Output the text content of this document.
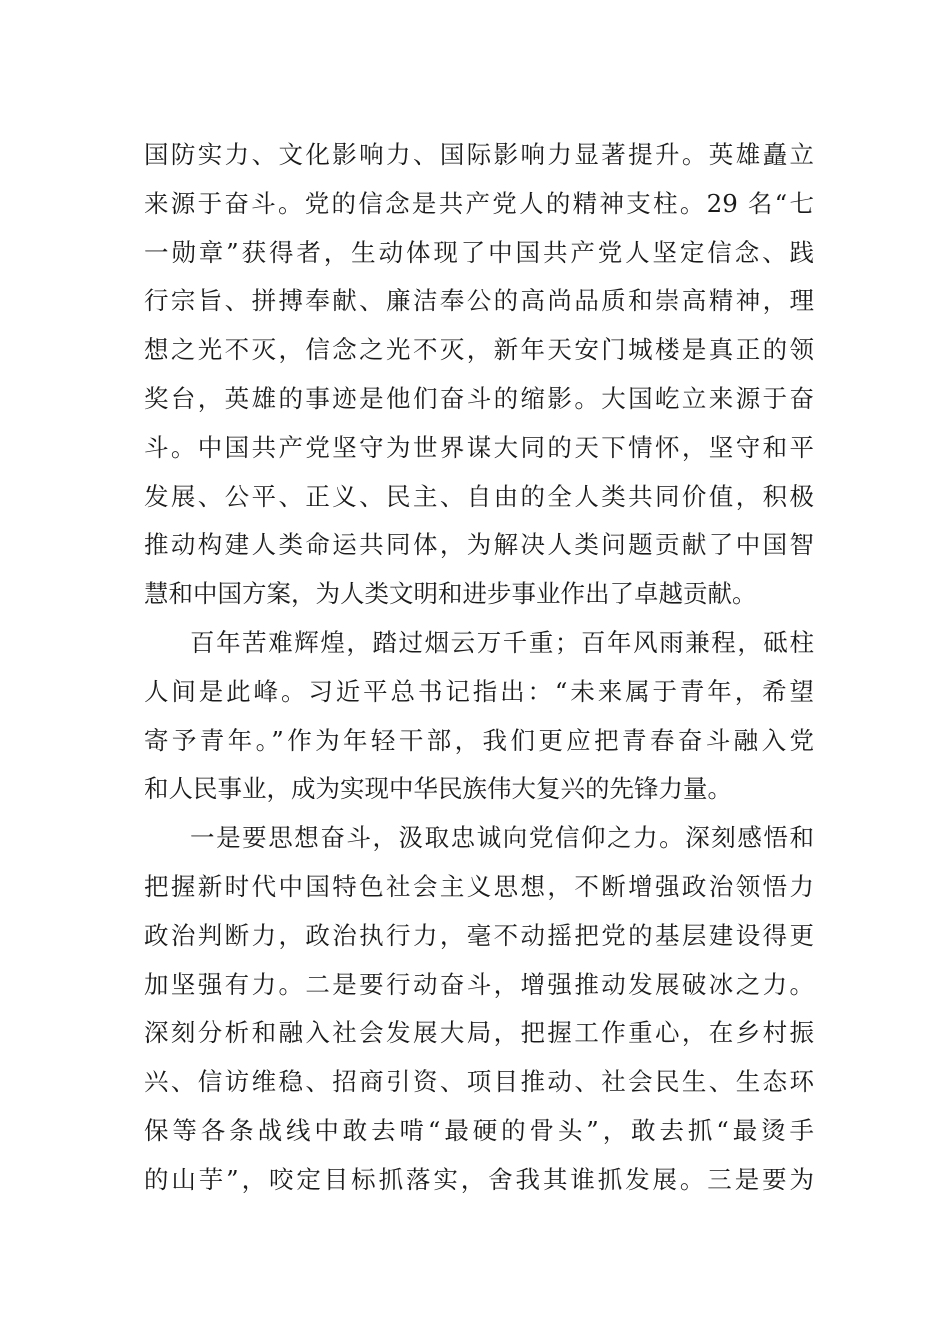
国防实力、文化影响力、国际影响力显著提升。英雄矗立
来源于奋斗。党的信念是共产党人的精神支柱。29 名“七
一勋章”获得者，生动体现了中国共产党人坚定信念、践
行宗旨、拼搏奉献、廉洁奉公的高尚品质和崇高精神，理
想之光不灭，信念之光不灭，新年天安门城楼是真正的领
奖台，英雄的事迹是他们奋斗的缩影。大国屹立来源于奋
斗。中国共产党坚守为世界谋大同的天下情怀，坚守和平
发展、公平、正义、民主、自由的全人类共同价值，积极
推动构建人类命运共同体，为解决人类问题贡献了中国智
慧和中国方案，为人类文明和进步事业作出了卓越贡献。
百年苦难辉煌，踏过烟云万千重；百年风雨兼程，砥柱
人间是此峰。习近平总书记指出：“未来属于青年，希望
寄予青年。”作为年轻干部，我们更应把青春奋斗融入党
和人民事业，成为实现中华民族伟大复兴的先锋力量。
一是要思想奋斗，汲取忠诚向党信仰之力。深刻感悟和
把握新时代中国特色社会主义思想，不断增强政治领悟力
政治判断力，政治执行力，毫不动摇把党的基层建设得更
加坚强有力。二是要行动奋斗，增强推动发展破冰之力。
深刻分析和融入社会发展大局，把握工作重心，在乡村振
兴、信访维稳、招商引资、项目推动、社会民生、生态环
保等各条战线中敢去啃“最硬的骨头”，敢去抓“最烫手
的山芋”，咬定目标抓落实，舍我其谁抓发展。三是要为
